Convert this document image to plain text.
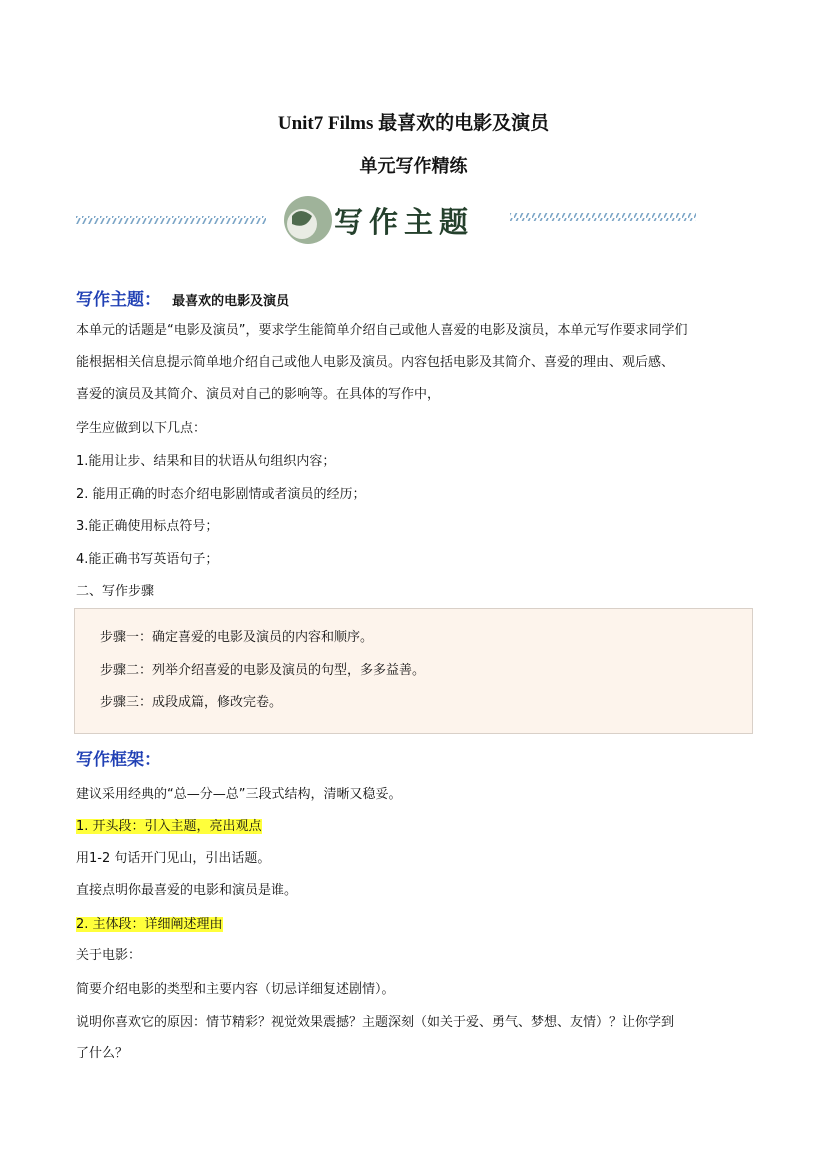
Unit7 Films 最喜欢的电影及演员
单元写作精练
写作主题
写作主题： 最喜欢的电影及演员
本单元的话题是“电影及演员”，要求学生能简单介绍自己或他人喜爱的电影及演员，本单元写作要求同学们
能根据相关信息提示简单地介绍自己或他人电影及演员。内容包括电影及其简介、喜爱的理由、观后感、
喜爱的演员及其简介、演员对自己的影响等。在具体的写作中，
学生应做到以下几点：
1.能用让步、结果和目的状语从句组织内容；
2. 能用正确的时态介绍电影剧情或者演员的经历；
3.能正确使用标点符号；
4.能正确书写英语句子；
二、写作步骤
步骤一：确定喜爱的电影及演员的内容和顺序。
步骤二：列举介绍喜爱的电影及演员的句型，多多益善。
步骤三：成段成篇，修改完卷。
写作框架：
建议采用经典的“总—分—总”三段式结构，清晰又稳妥。
1. 开头段：引入主题，亮出观点
用1-2 句话开门见山，引出话题。
直接点明你最喜爱的电影和演员是谁。
2. 主体段：详细阐述理由
关于电影：
简要介绍电影的类型和主要内容（切忌详细复述剧情）。
说明你喜欢它的原因：情节精彩？视觉效果震撼？主题深刻（如关于爱、勇气、梦想、友情）？让你学到
了什么？
